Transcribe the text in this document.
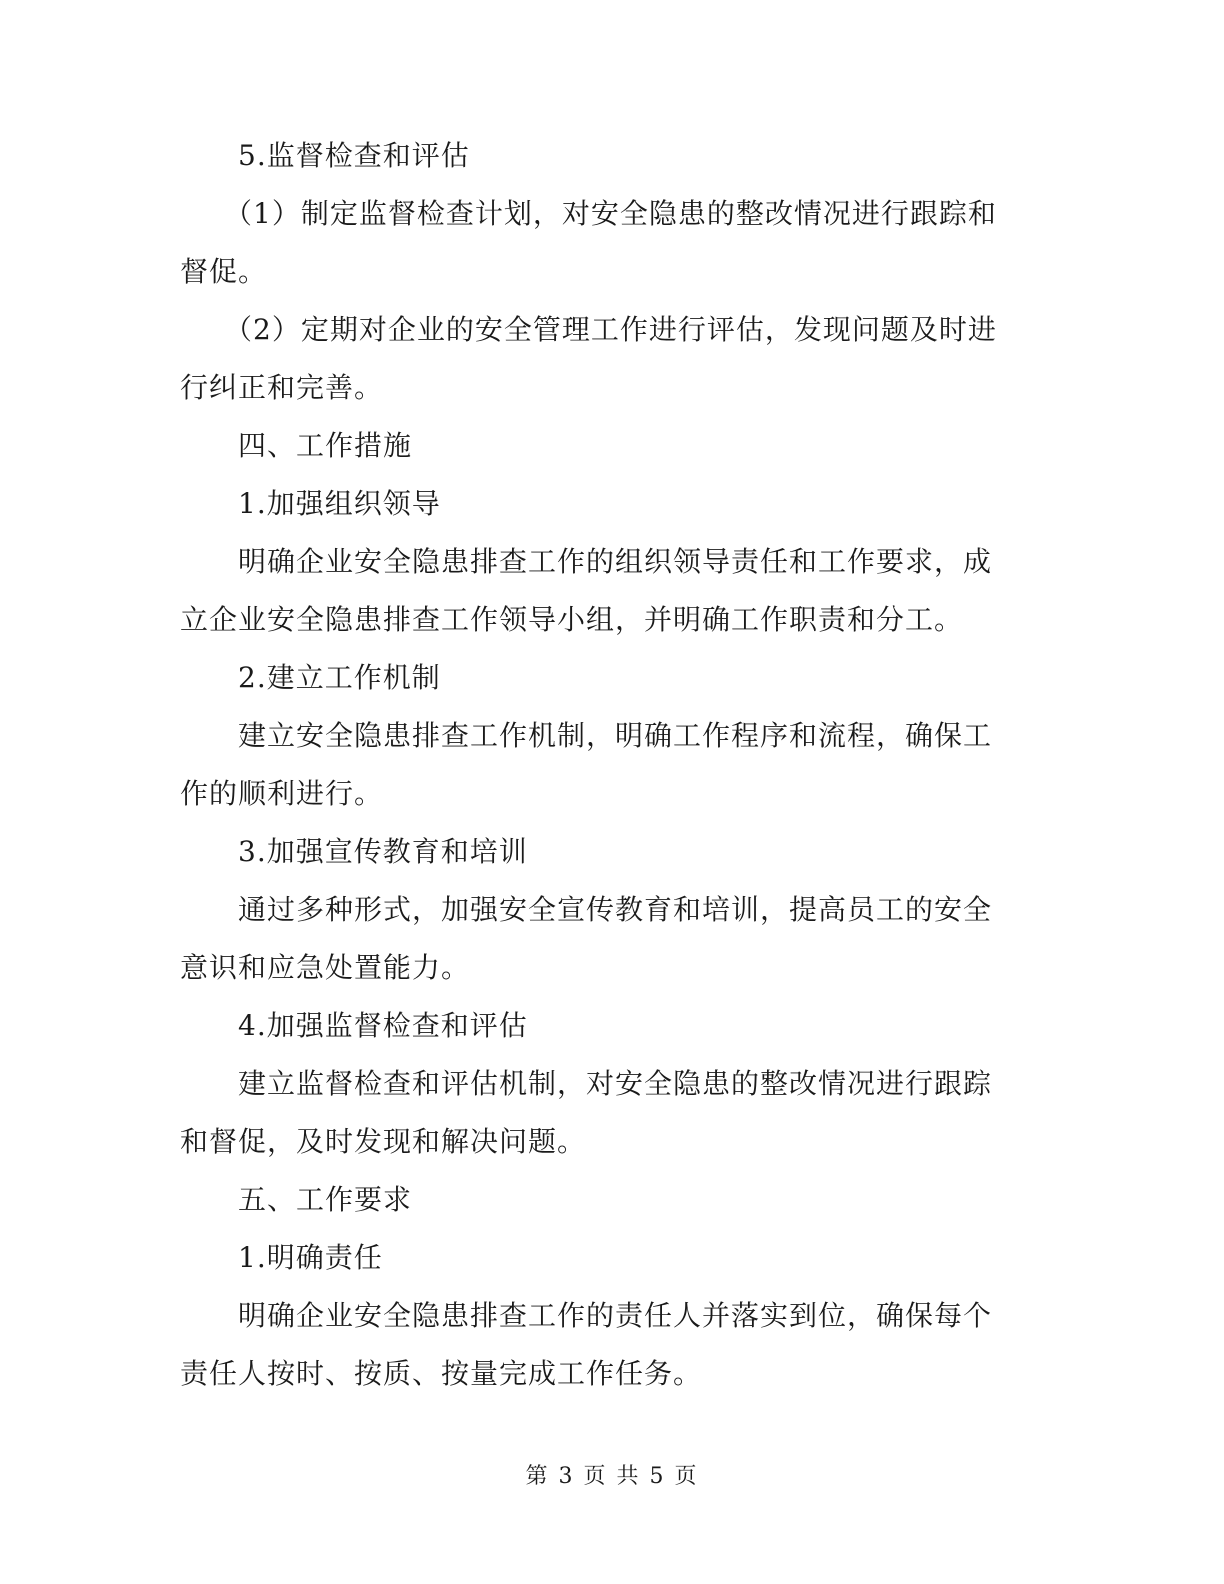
5.监督检查和评估

（1）制定监督检查计划，对安全隐患的整改情况进行跟踪和
督促。

（2）定期对企业的安全管理工作进行评估，发现问题及时进
行纠正和完善。

四、工作措施

1.加强组织领导

明确企业安全隐患排查工作的组织领导责任和工作要求，成
立企业安全隐患排查工作领导小组，并明确工作职责和分工。

2.建立工作机制

建立安全隐患排查工作机制，明确工作程序和流程，确保工
作的顺利进行。

3.加强宣传教育和培训

通过多种形式，加强安全宣传教育和培训，提高员工的安全
意识和应急处置能力。

4.加强监督检查和评估

建立监督检查和评估机制，对安全隐患的整改情况进行跟踪
和督促，及时发现和解决问题。

五、工作要求

1.明确责任

明确企业安全隐患排查工作的责任人并落实到位，确保每个
责任人按时、按质、按量完成工作任务。

第 3 页 共 5 页
